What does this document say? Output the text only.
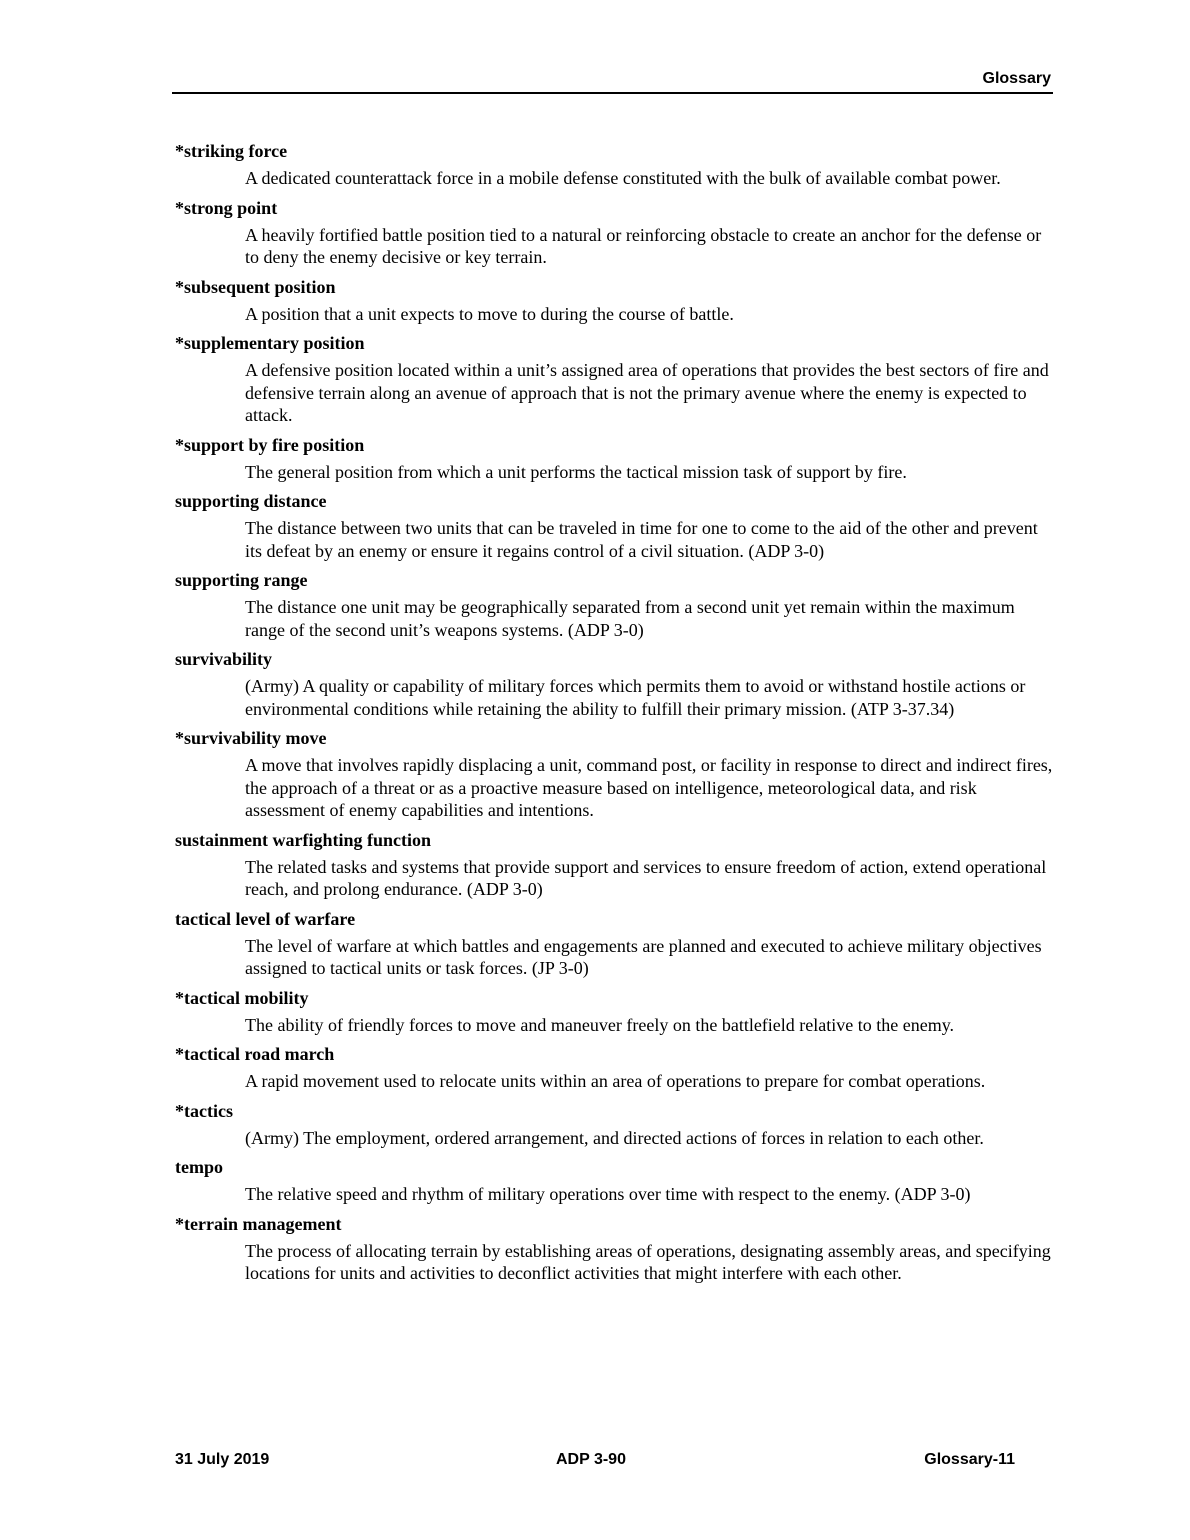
Glossary

*striking force

A dedicated counterattack force in a mobile defense constituted with the bulk of available combat power.

*strong point

A heavily fortified battle position tied to a natural or reinforcing obstacle to create an anchor for the defense or to deny the enemy decisive or key terrain.

*subsequent position

A position that a unit expects to move to during the course of battle.

*supplementary position

A defensive position located within a unit’s assigned area of operations that provides the best sectors of fire and defensive terrain along an avenue of approach that is not the primary avenue where the enemy is expected to attack.

*support by fire position

The general position from which a unit performs the tactical mission task of support by fire.

supporting distance

The distance between two units that can be traveled in time for one to come to the aid of the other and prevent its defeat by an enemy or ensure it regains control of a civil situation. (ADP 3-0)

supporting range

The distance one unit may be geographically separated from a second unit yet remain within the maximum range of the second unit’s weapons systems. (ADP 3-0)

survivability

(Army) A quality or capability of military forces which permits them to avoid or withstand hostile actions or environmental conditions while retaining the ability to fulfill their primary mission. (ATP 3-37.34)

*survivability move

A move that involves rapidly displacing a unit, command post, or facility in response to direct and indirect fires, the approach of a threat or as a proactive measure based on intelligence, meteorological data, and risk assessment of enemy capabilities and intentions.

sustainment warfighting function

The related tasks and systems that provide support and services to ensure freedom of action, extend operational reach, and prolong endurance. (ADP 3-0)

tactical level of warfare

The level of warfare at which battles and engagements are planned and executed to achieve military objectives assigned to tactical units or task forces. (JP 3-0)

*tactical mobility

The ability of friendly forces to move and maneuver freely on the battlefield relative to the enemy.

*tactical road march

A rapid movement used to relocate units within an area of operations to prepare for combat operations.

*tactics

(Army) The employment, ordered arrangement, and directed actions of forces in relation to each other.

tempo

The relative speed and rhythm of military operations over time with respect to the enemy. (ADP 3-0)

*terrain management

The process of allocating terrain by establishing areas of operations, designating assembly areas, and specifying locations for units and activities to deconflict activities that might interfere with each other.

31 July 2019	ADP 3-90	Glossary-11
